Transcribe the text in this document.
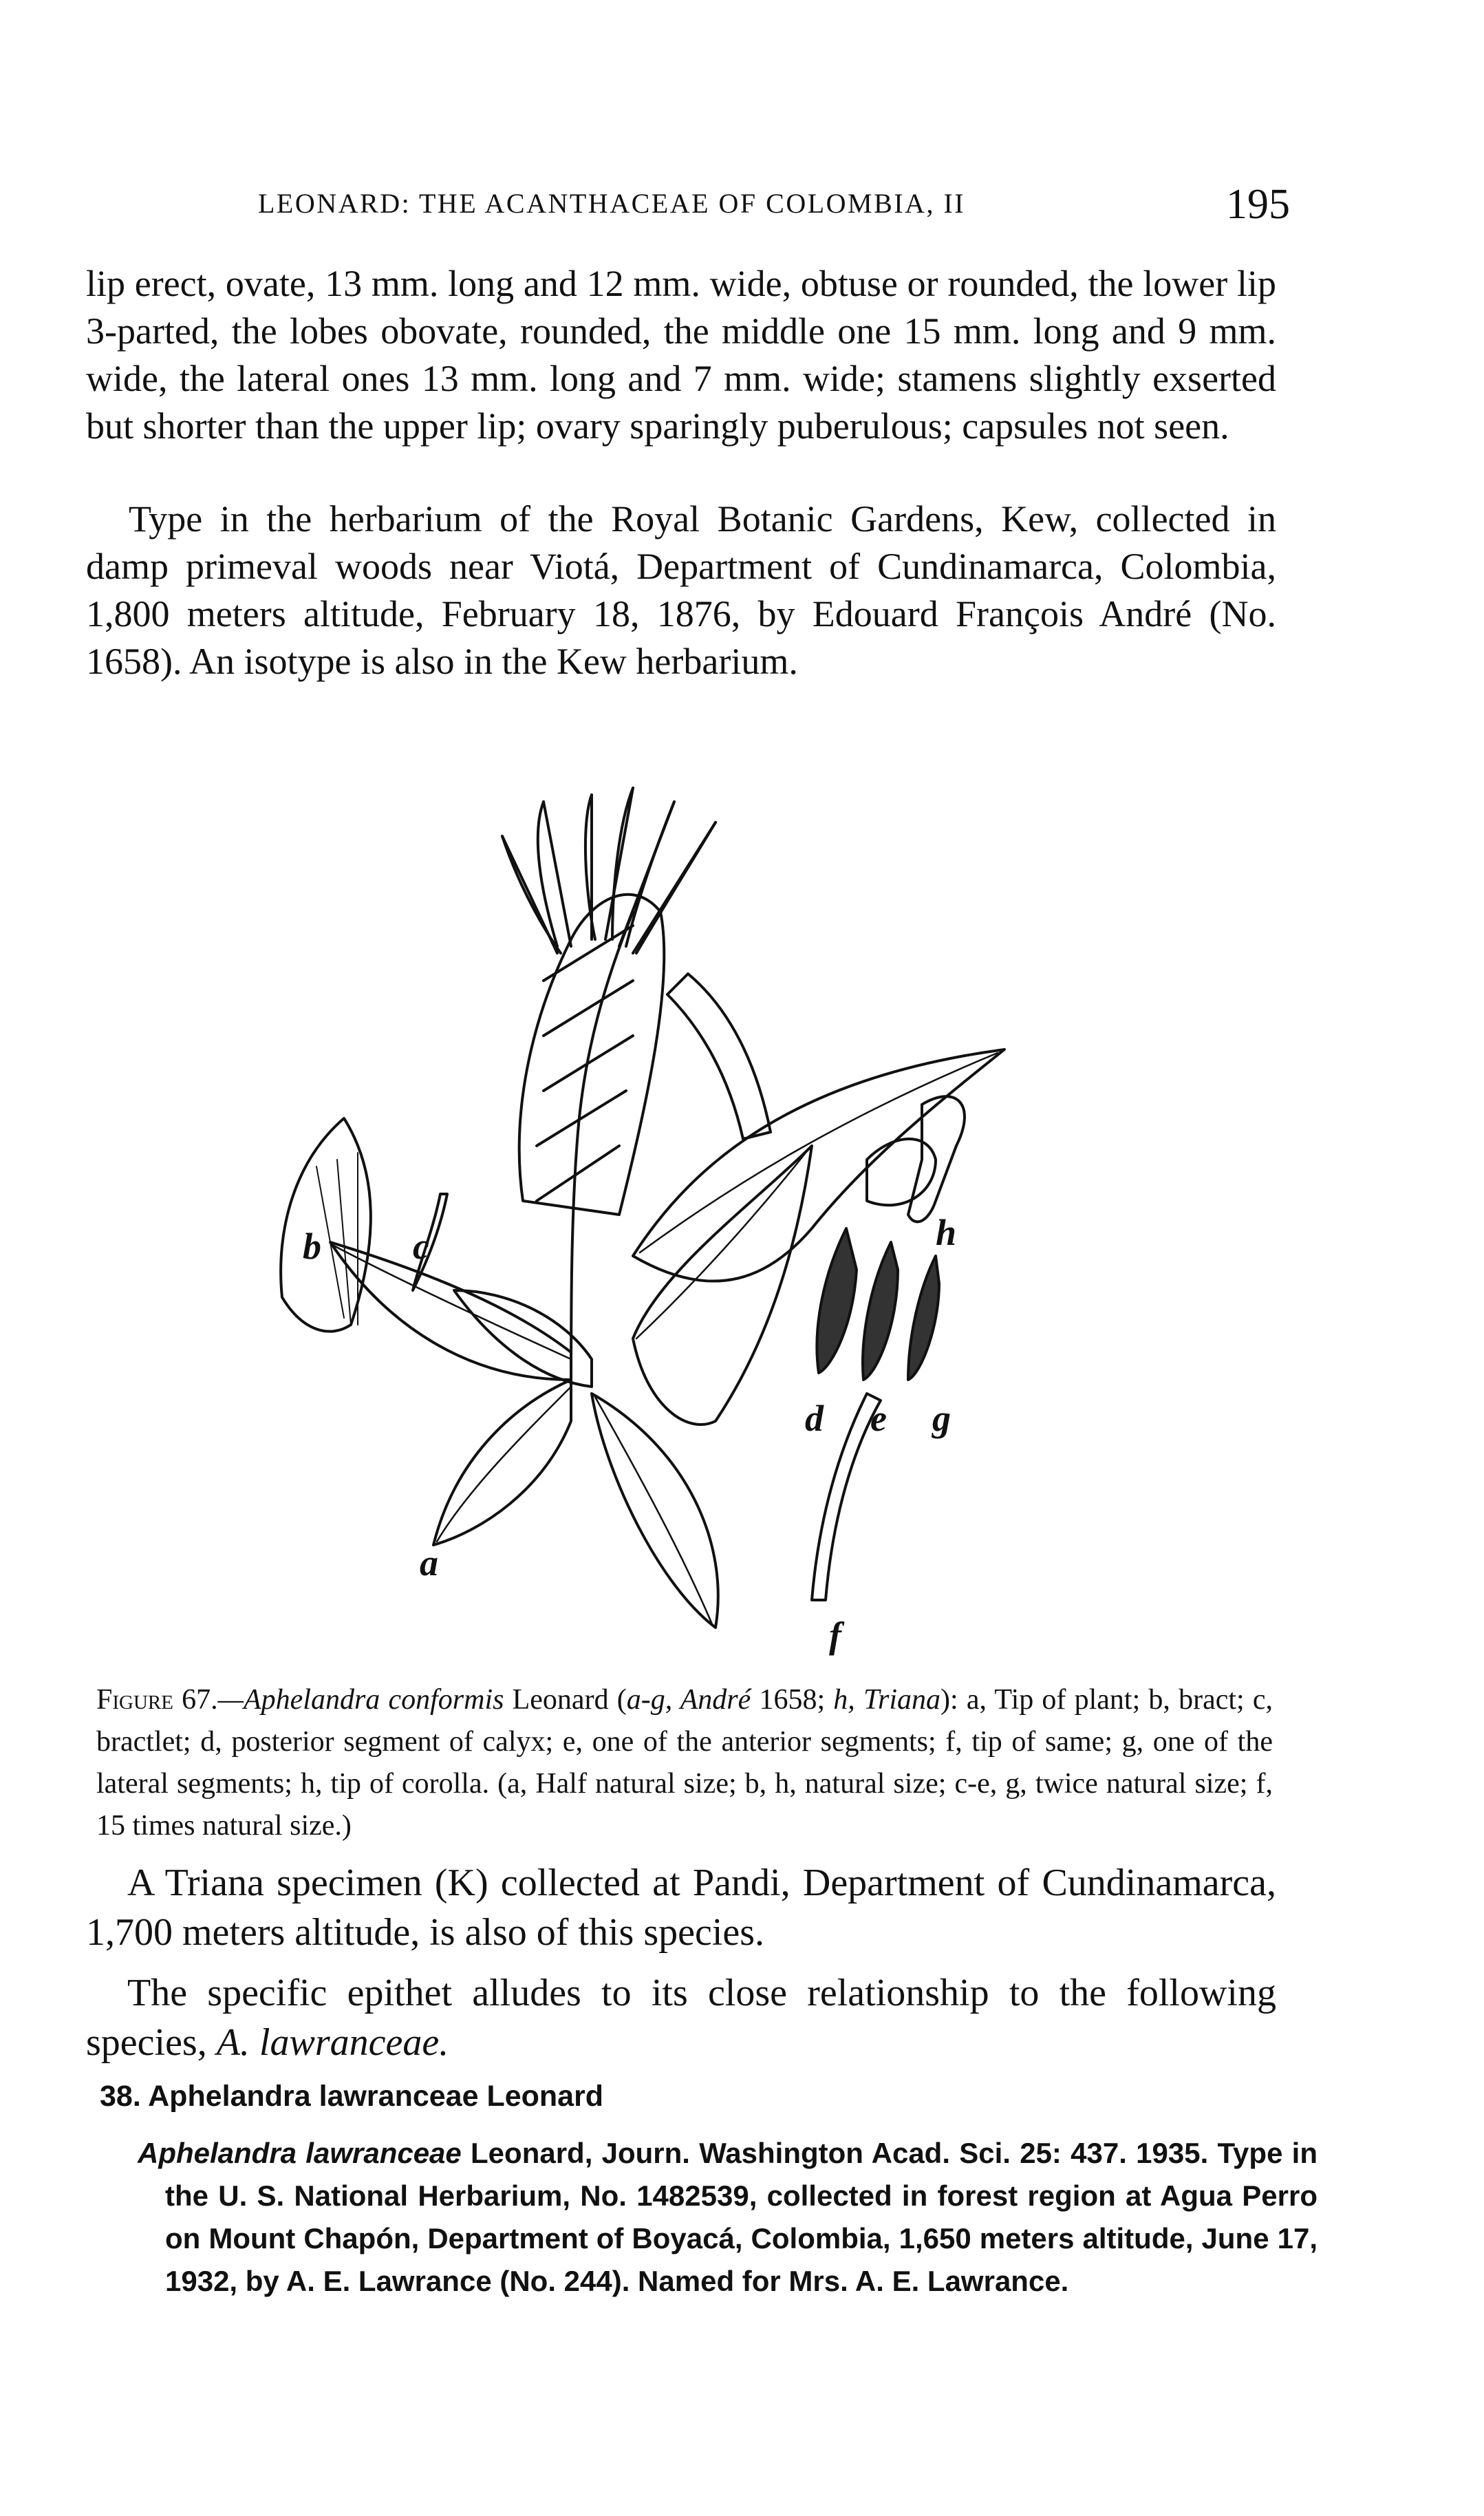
LEONARD: THE ACANTHACEAE OF COLOMBIA, II	195

lip erect, ovate, 13 mm. long and 12 mm. wide, obtuse or rounded, the lower lip 3-parted, the lobes obovate, rounded, the middle one 15 mm. long and 9 mm. wide, the lateral ones 13 mm. long and 7 mm. wide; stamens slightly exserted but shorter than the upper lip; ovary sparingly puberulous; capsules not seen.

Type in the herbarium of the Royal Botanic Gardens, Kew, collected in damp primeval woods near Viotá, Department of Cundinamarca, Colombia, 1,800 meters altitude, February 18, 1876, by Edouard François André (No. 1658). An isotype is also in the Kew herbarium.

a
b c
d e
f
g
h
Figure 67.—Aphelandra conformis Leonard (a-g, André 1658; h, Triana): a, Tip of plant; b, bract; c, bractlet; d, posterior segment of calyx; e, one of the anterior segments; f, tip of same; g, one of the lateral segments; h, tip of corolla. (a, Half natural size; b, h, natural size; c-e, g, twice natural size; f, 15 times natural size.)

A Triana specimen (K) collected at Pandi, Department of Cundinamarca, 1,700 meters altitude, is also of this species.

The specific epithet alludes to its close relationship to the following species, A. lawranceae.

38. Aphelandra lawranceae Leonard
Aphelandra lawranceae Leonard, Journ. Washington Acad. Sci. 25: 437. 1935. Type in the U. S. National Herbarium, No. 1482539, collected in forest region at Agua Perro on Mount Chapón, Department of Boyacá, Colombia, 1,650 meters altitude, June 17, 1932, by A. E. Lawrance (No. 244). Named for Mrs. A. E. Lawrance.
